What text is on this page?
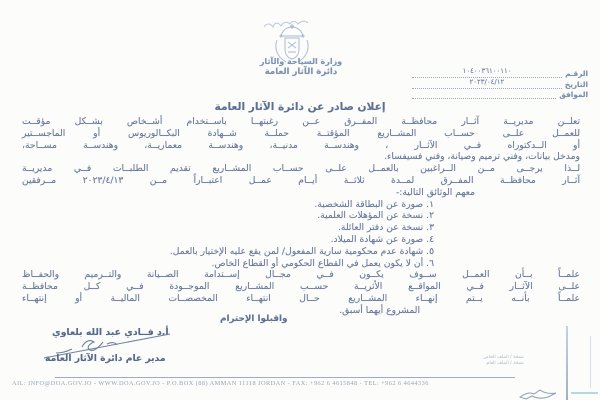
وزارة السياحة والآثار
دائرة الآثار العامة	الرقـم
١٠٤٠٠٣٦١٠٠١١٠
التاريخ
٢٠٢٣/٠٤/١٢
الموافق
إعلان صادر عن دائرة الآثار العامة
تعلــن مديريــة آثــار محافظــة المفــرق عــن رغبتهــا باســتخدام أشــخاص بشــكل مؤقــت
للعمــل علــى حســاب المشــاريع المؤقتــة حملــة شــهادة البكــالوريوس أو الماجســتير
أو الــدكتوراه فــي الآثــار ، وهندســة مدنيــة، وهندســة معماريــة، وهندســة مســاحة،
ومدخل بيانات، وفني ترميم وصيانة، وفني فسيفساء.
لــذا يرجــى مــن الــراغبين بالعمــل علــى حســاب المشــاريع تقديم الطلبــات فــي مديريــة
آثــار محافظــة المفــرق لمــدة ثلاثــة أيــام عمــل اعتبــاراً مــن ٢٠٢٣/٤/١٣ مــرفقين
معهم الوثائق التالية:-
١. صورة عن البطاقة الشخصية.
٢. نسخة عن المؤهلات العلمية.
٣. نسخة عن دفتر العائلة.
٤. صورة عن شهادة الميلاد.
٥. شهادة عدم محكومية سارية المفعول/ لمن يقع عليه الإختيار بالعمل.
٦. أن لا يكون يعمل في القطاع الحكومي أو القطاع الخاص.
علمــاً بــأن العمــل ســوف يكــون فــي مجــال إســتدامة الصــيانة والتــرميم والحفــاظ
علــى الآثــار فــي المواقــع الأثريــة حســب المشــاريع الموجــودة فــي كــل محافظــة
علمــاً بأنــه يــتم إنهــاء المشــاريع حــال انتهــاء المخصصــات الماليــة أو إنتهــاء
المشروع أيهما أسبق.
واقبلوا الإحترام
أ.د فــادي عبد الله بلعاوي
مدير عام دائرة الآثار العامة	نسخة / الملف الخاص
نسخة / الملف العام
AIL: INFO@DOA.GOV.JO - WWW.DOA.GOV.JO - P.O.BOX (88) AMMAN 11118 JORDAN - FAX: +962 6 4615848 - TEL: +962 6 4644336
